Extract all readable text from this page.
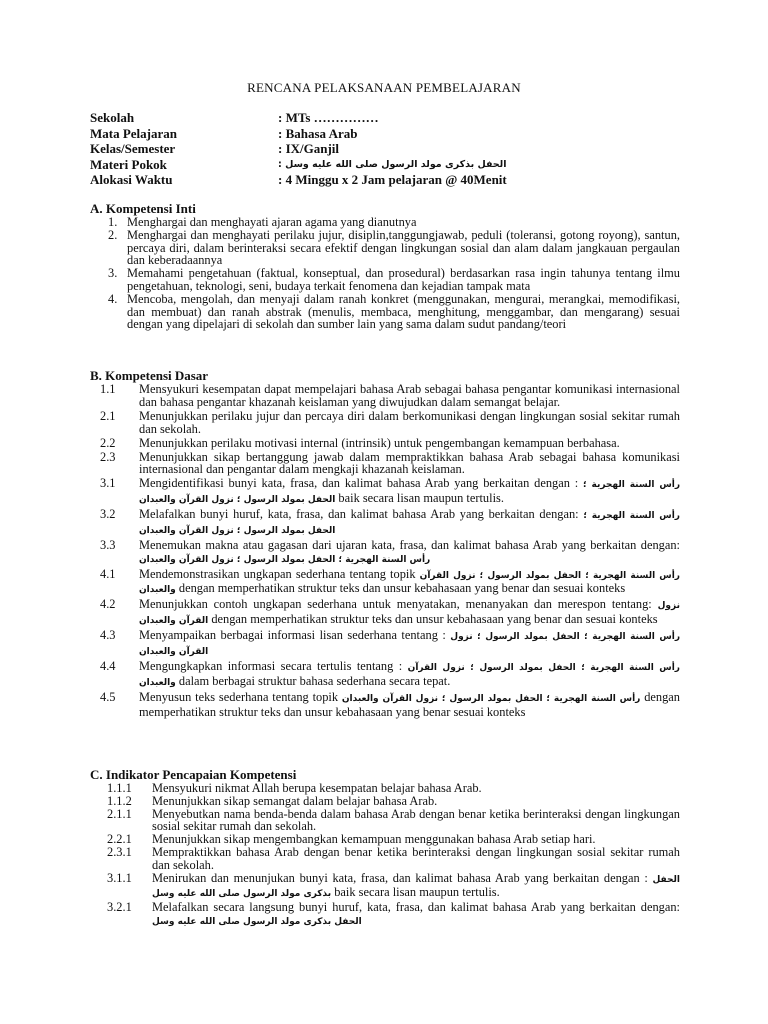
RENCANA PELAKSANAAN PEMBELAJARAN
Sekolah	: MTs ……………
Mata Pelajaran	: Bahasa Arab
Kelas/Semester	: IX/Ganjil
Materi Pokok	: الحفل بذكرى مولد الرسول صلى الله عليه وسل
Alokasi Waktu	: 4 Minggu x 2 Jam pelajaran @ 40Menit
A. Kompetensi Inti
1. Menghargai dan menghayati ajaran agama yang dianutnya
2. Menghargai dan menghayati perilaku jujur, disiplin,tanggungjawab, peduli (toleransi, gotong royong), santun, percaya diri, dalam berinteraksi secara efektif dengan lingkungan sosial dan alam dalam jangkauan pergaulan dan keberadaannya
3. Memahami pengetahuan (faktual, konseptual, dan prosedural) berdasarkan rasa ingin tahunya tentang ilmu pengetahuan, teknologi, seni, budaya terkait fenomena dan kejadian tampak mata
4. Mencoba, mengolah, dan menyaji dalam ranah konkret (menggunakan, mengurai, merangkai, memodifikasi, dan membuat) dan ranah abstrak (menulis, membaca, menghitung, menggambar, dan mengarang) sesuai dengan yang dipelajari di sekolah dan sumber lain yang sama dalam sudut pandang/teori
B. Kompetensi Dasar
1.1 Mensyukuri kesempatan dapat mempelajari bahasa Arab sebagai bahasa pengantar komunikasi internasional dan bahasa pengantar khazanah keislaman yang diwujudkan dalam semangat belajar.
2.1 Menunjukkan perilaku jujur dan percaya diri dalam berkomunikasi dengan lingkungan sosial sekitar rumah dan sekolah.
2.2 Menunjukkan perilaku motivasi internal (intrinsik) untuk pengembangan kemampuan berbahasa.
2.3 Menunjukkan sikap bertanggung jawab dalam mempraktikkan bahasa Arab sebagai bahasa komunikasi internasional dan pengantar dalam mengkaji khazanah keislaman.
3.1 Mengidentifikasi bunyi kata, frasa, dan kalimat bahasa Arab yang berkaitan dengan : رأس السنة الهجرية ؛ الحفل بمولد الرسول ؛ نزول القرآن والعبدان baik secara lisan maupun tertulis.
3.2 Melafalkan bunyi huruf, kata, frasa, dan kalimat bahasa Arab yang berkaitan dengan: رأس السنة الهجرية ؛ الحفل بمولد الرسول ؛ نزول القرآن والعبدان
3.3 Menemukan makna atau gagasan dari ujaran kata, frasa, dan kalimat bahasa Arab yang berkaitan dengan: رأس السنة الهجرية ؛ الحفل بمولد الرسول ؛ نزول القرآن والعبدان
4.1 Mendemonstrasikan ungkapan sederhana tentang topik رأس السنة الهجرية ؛ الحفل بمولد الرسول ؛ نزول القرآن والعبدان dengan memperhatikan struktur teks dan unsur kebahasaan yang benar dan sesuai konteks
4.2 Menunjukkan contoh ungkapan sederhana untuk menyatakan, menanyakan dan merespon tentang: نزول القرآن والعبدان dengan memperhatikan struktur teks dan unsur kebahasaan yang benar dan sesuai konteks
4.3 Menyampaikan berbagai informasi lisan sederhana tentang : رأس السنة الهجرية ؛ الحفل بمولد الرسول ؛ نزول القرآن والعبدان
4.4 Mengungkapkan informasi secara tertulis tentang : رأس السنة الهجرية ؛ الحفل بمولد الرسول ؛ نزول القرآن والعبدان dalam berbagai struktur bahasa sederhana secara tepat.
4.5 Menyusun teks sederhana tentang topik رأس السنة الهجرية ؛ الحفل بمولد الرسول ؛ نزول القرآن والعبدان dengan memperhatikan struktur teks dan unsur kebahasaan yang benar sesuai konteks
C. Indikator Pencapaian Kompetensi
1.1.1 Mensyukuri nikmat Allah berupa kesempatan belajar bahasa Arab.
1.1.2 Menunjukkan sikap semangat dalam belajar bahasa Arab.
2.1.1 Menyebutkan nama benda-benda dalam bahasa Arab dengan benar ketika berinteraksi dengan lingkungan sosial sekitar rumah dan sekolah.
2.2.1 Menunjukkan sikap mengembangkan kemampuan menggunakan bahasa Arab setiap hari.
2.3.1 Mempraktikkan bahasa Arab dengan benar ketika berinteraksi dengan lingkungan sosial sekitar rumah dan sekolah.
3.1.1 Menirukan dan menunjukan bunyi kata, frasa, dan kalimat bahasa Arab yang berkaitan dengan : الحفل بذكرى مولد الرسول صلى الله عليه وسل baik secara lisan maupun tertulis.
3.2.1 Melafalkan secara langsung bunyi huruf, kata, frasa, dan kalimat bahasa Arab yang berkaitan dengan: الحفل بذكرى مولد الرسول صلى الله عليه وسل
